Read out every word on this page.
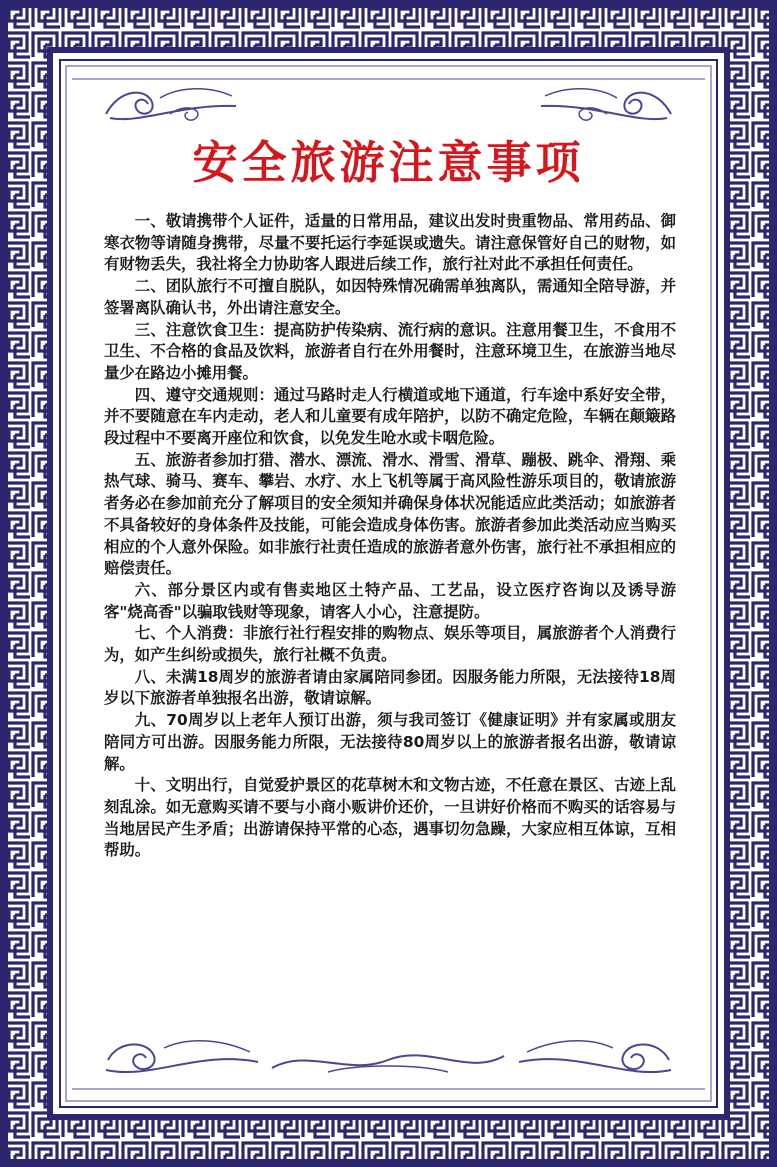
安全旅游注意事项

一、敬请携带个人证件，适量的日常用品，建议出发时贵重物品、常用药品、御寒衣物等请随身携带，尽量不要托运行李延误或遗失。请注意保管好自己的财物，如有财物丢失，我社将全力协助客人跟进后续工作，旅行社对此不承担任何责任。

二、团队旅行不可擅自脱队，如因特殊情况确需单独离队，需通知全陪导游，并签署离队确认书，外出请注意安全。

三、注意饮食卫生：提高防护传染病、流行病的意识。注意用餐卫生，不食用不卫生、不合格的食品及饮料，旅游者自行在外用餐时，注意环境卫生，在旅游当地尽量少在路边小摊用餐。

四、遵守交通规则：通过马路时走人行横道或地下通道，行车途中系好安全带，并不要随意在车内走动，老人和儿童要有成年陪护，以防不确定危险，车辆在颠簸路段过程中不要离开座位和饮食，以免发生呛水或卡咽危险。

五、旅游者参加打猎、潜水、漂流、滑水、滑雪、滑草、蹦极、跳伞、滑翔、乘热气球、骑马、赛车、攀岩、水疗、水上飞机等属于高风险性游乐项目的，敬请旅游者务必在参加前充分了解项目的安全须知并确保身体状况能适应此类活动；如旅游者不具备较好的身体条件及技能，可能会造成身体伤害。旅游者参加此类活动应当购买相应的个人意外保险。如非旅行社责任造成的旅游者意外伤害，旅行社不承担相应的赔偿责任。

六、部分景区内或有售卖地区土特产品、工艺品，设立医疗咨询以及诱导游客"烧高香"以骗取钱财等现象，请客人小心，注意提防。

七、个人消费：非旅行社行程安排的购物点、娱乐等项目，属旅游者个人消费行为，如产生纠纷或损失，旅行社概不负责。

八、未满18周岁的旅游者请由家属陪同参团。因服务能力所限，无法接待18周岁以下旅游者单独报名出游，敬请谅解。

九、70周岁以上老年人预订出游，须与我司签订《健康证明》并有家属或朋友陪同方可出游。因服务能力所限，无法接待80周岁以上的旅游者报名出游，敬请谅解。

十、文明出行，自觉爱护景区的花草树木和文物古迹，不任意在景区、古迹上乱刻乱涂。如无意购买请不要与小商小贩讲价还价，一旦讲好价格而不购买的话容易与当地居民产生矛盾；出游请保持平常的心态，遇事切勿急躁，大家应相互体谅，互相帮助。
